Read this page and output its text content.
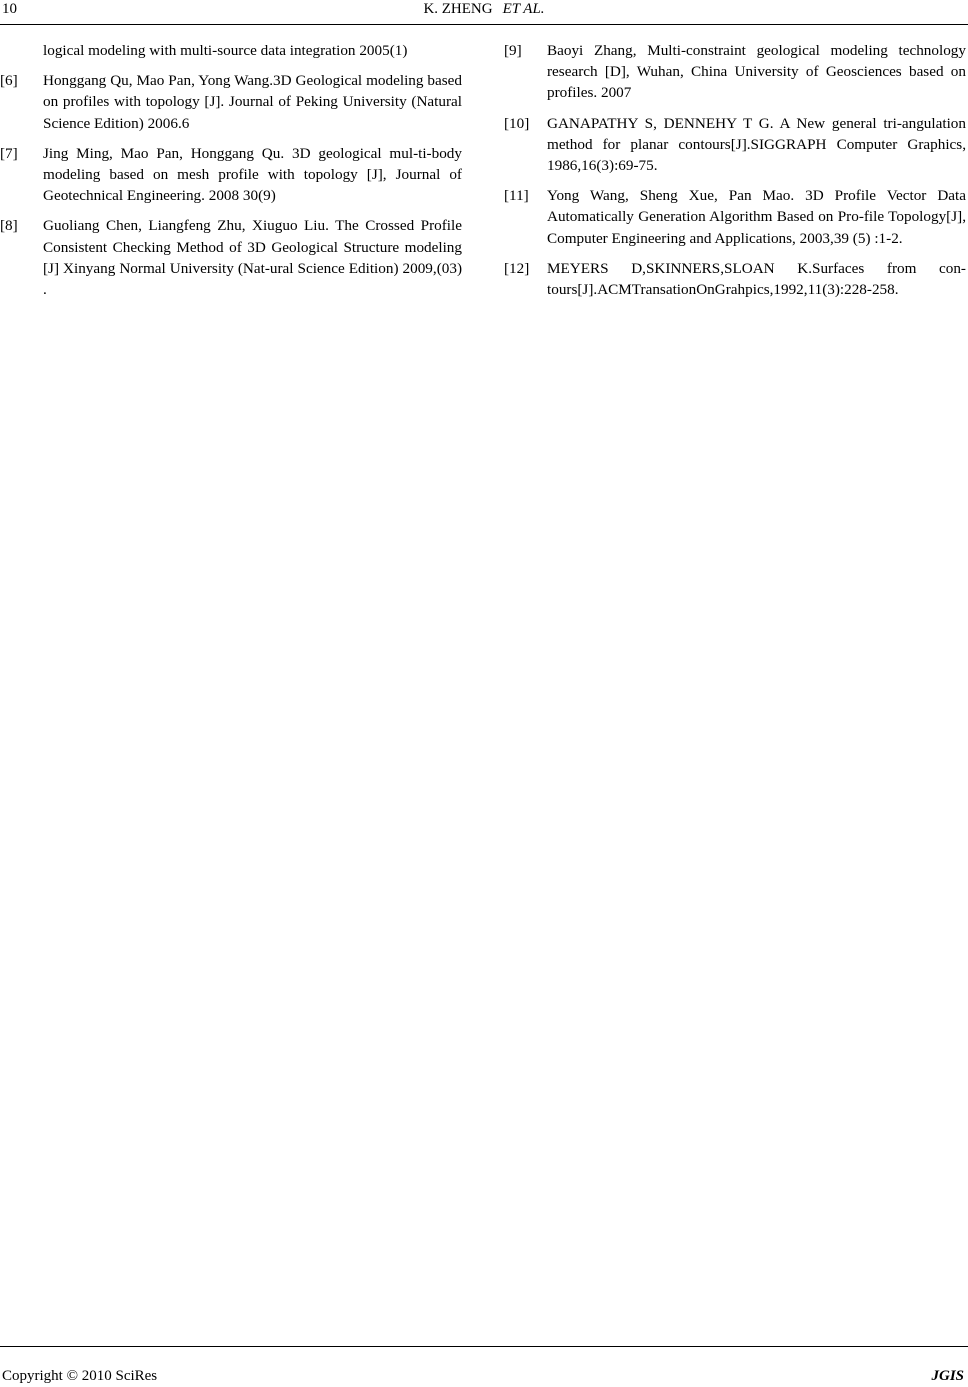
10	K. ZHENG ET AL.
logical modeling with multi-source data integration 2005(1)
[6] Honggang Qu, Mao Pan, Yong Wang.3D Geological modeling based on profiles with topology [J]. Journal of Peking University (Natural Science Edition) 2006.6
[7] Jing Ming, Mao Pan, Honggang Qu. 3D geological mul-ti-body modeling based on mesh profile with topology [J], Journal of Geotechnical Engineering. 2008 30(9)
[8] Guoliang Chen, Liangfeng Zhu, Xiuguo Liu. The Crossed Profile Consistent Checking Method of 3D Geological Structure modeling [J] Xinyang Normal University (Nat-ural Science Edition) 2009,(03) .
[9] Baoyi Zhang, Multi-constraint geological modeling technology research [D], Wuhan, China University of Geosciences based on profiles. 2007
[10] GANAPATHY S, DENNEHY T G. A New general tri-angulation method for planar contours[J].SIGGRAPH Computer Graphics, 1986,16(3):69-75.
[11] Yong Wang, Sheng Xue, Pan Mao. 3D Profile Vector Data Automatically Generation Algorithm Based on Pro-file Topology[J], Computer Engineering and Applications, 2003,39 (5) :1-2.
[12] MEYERS D,SKINNERS,SLOAN K.Surfaces from con-tours[J].ACMTransationOnGrahpics,1992,11(3):228-258.
Copyright © 2010 SciRes	JGIS
